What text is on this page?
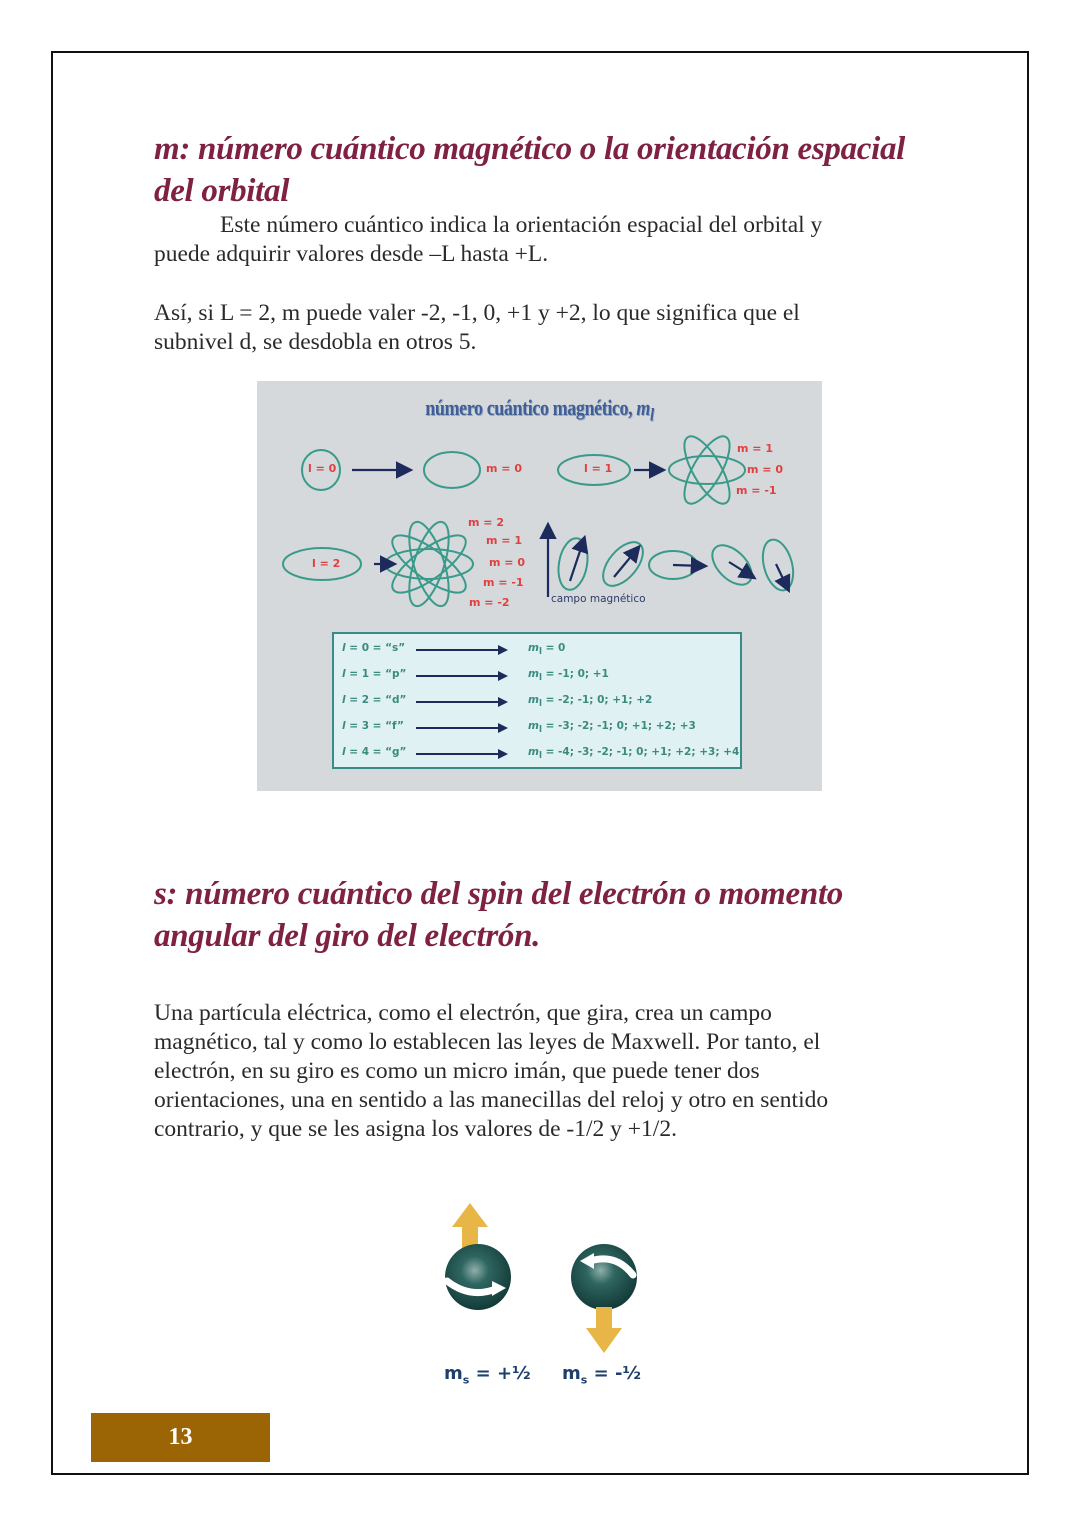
m: número cuántico magnético o la orientación espacial
del orbital

Este número cuántico indica la orientación espacial del orbital y
puede adquirir valores desde –L hasta +L.

Así, si L = 2, m puede valer -2, -1, 0, +1 y +2, lo que significa que el
subnivel d, se desdobla en otros 5.

número cuántico magnético, $m_l$
l = 0	m = 0	l = 1
m = 1
m = 0
m = -1
l = 2
m = 2
m = 1
m = 0
m = -1
m = -2	campo magnético
l = 0 = “s”	$m_l = 0$
l = 1 = “p”	$m_l = -1$; 0; +1
l = 2 = “d”	$m_l = -2$; -1; 0; +1; +2
l = 3 = “f”	$m_l = -3$; -2; -1; 0; +1; +2; +3
l = 4 = “g”	$m_l = -4$; -3; -2; -1; 0; +1; +2; +3; +4
s: número cuántico del spin del electrón o momento
angular del giro del electrón.

Una partícula eléctrica, como el electrón, que gira, crea un campo
magnético, tal y como lo establecen las leyes de Maxwell. Por tanto, el
electrón, en su giro es como un micro imán, que puede tener dos
orientaciones, una en sentido a las manecillas del reloj y otro en sentido
contrario, y que se les asigna los valores de -1/2 y +1/2.

$m_s$ = +½ $m_s$ = -½
13
